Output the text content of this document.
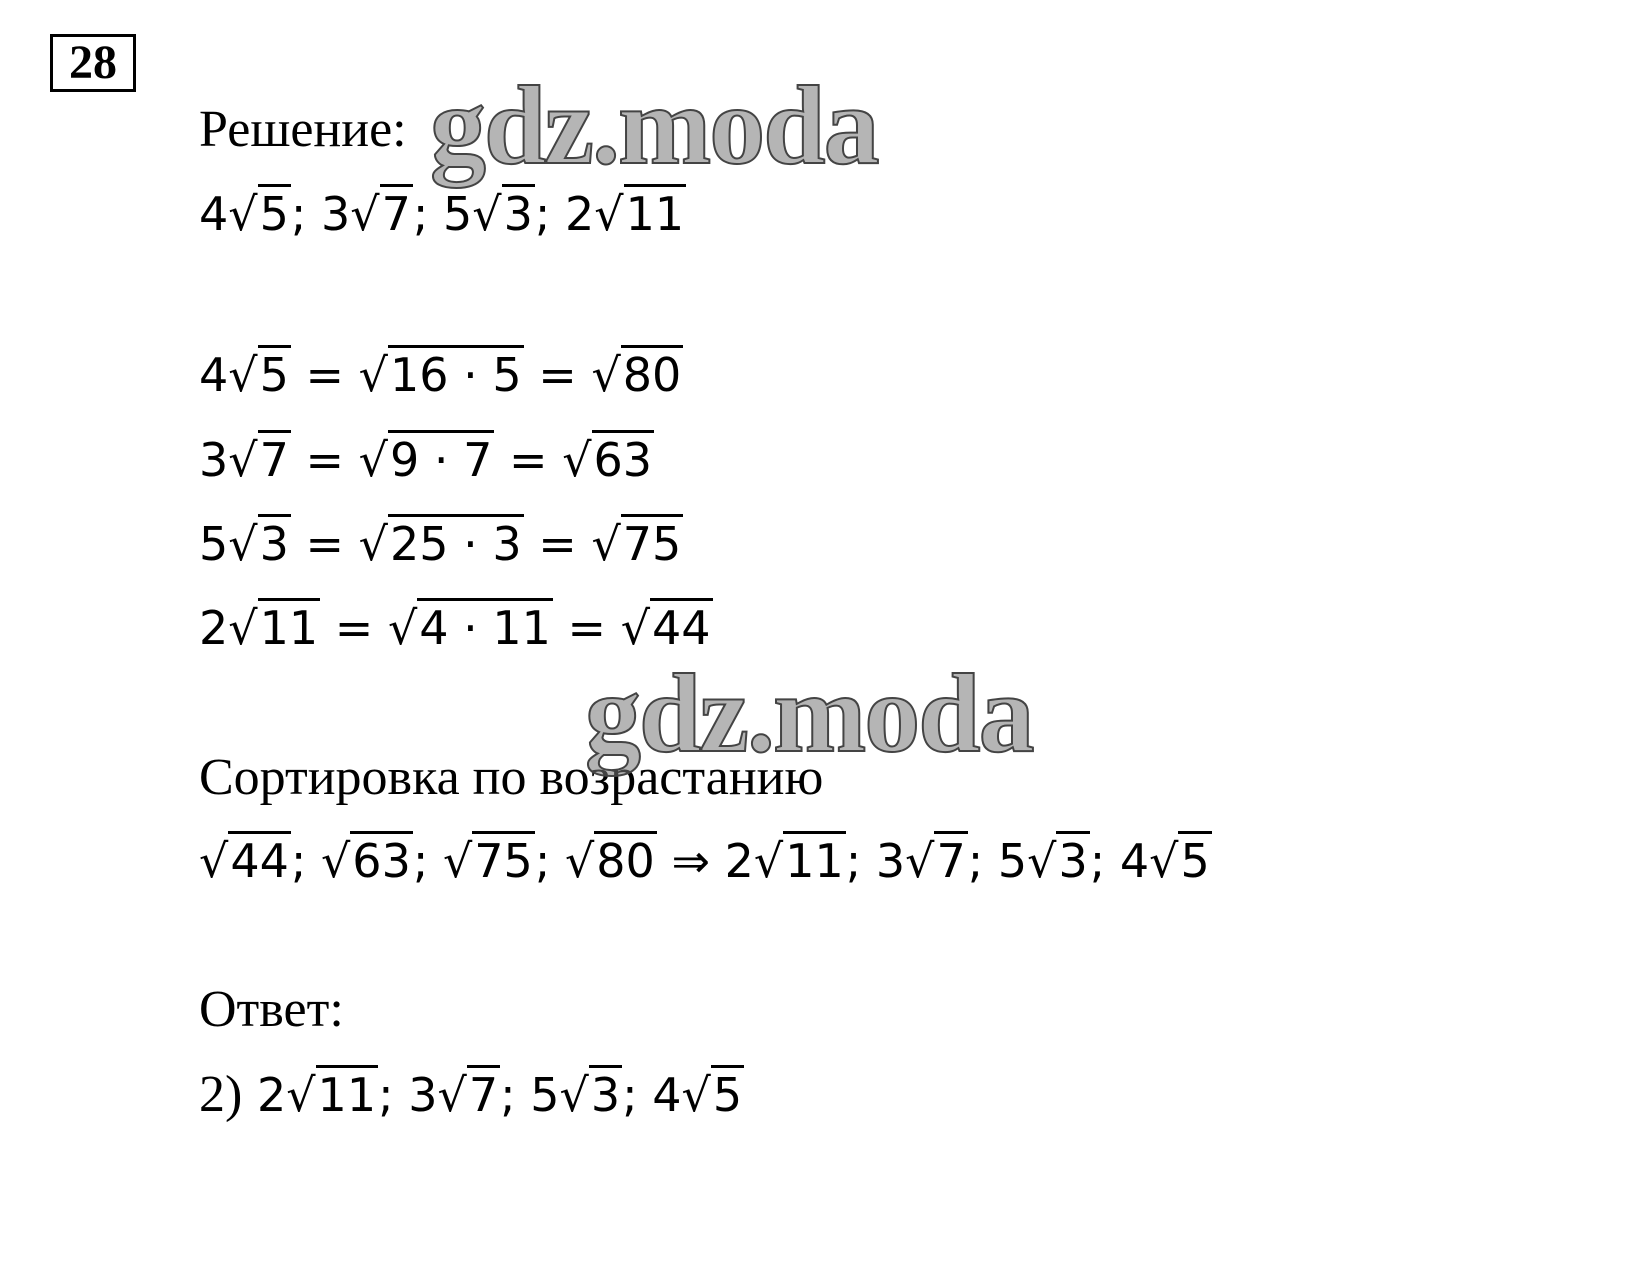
28
Решение:
4√5; 3√7; 5√3; 2√11
4√5 = √16 · 5 = √80
3√7 = √9 · 7 = √63
5√3 = √25 · 3 = √75
2√11 = √4 · 11 = √44
Сортировка по возрастанию
√44; √63; √75; √80 ⇒ 2√11; 3√7; 5√3; 4√5
Ответ:
2) 2√11; 3√7; 5√3; 4√5
gdz.moda
gdz.moda
